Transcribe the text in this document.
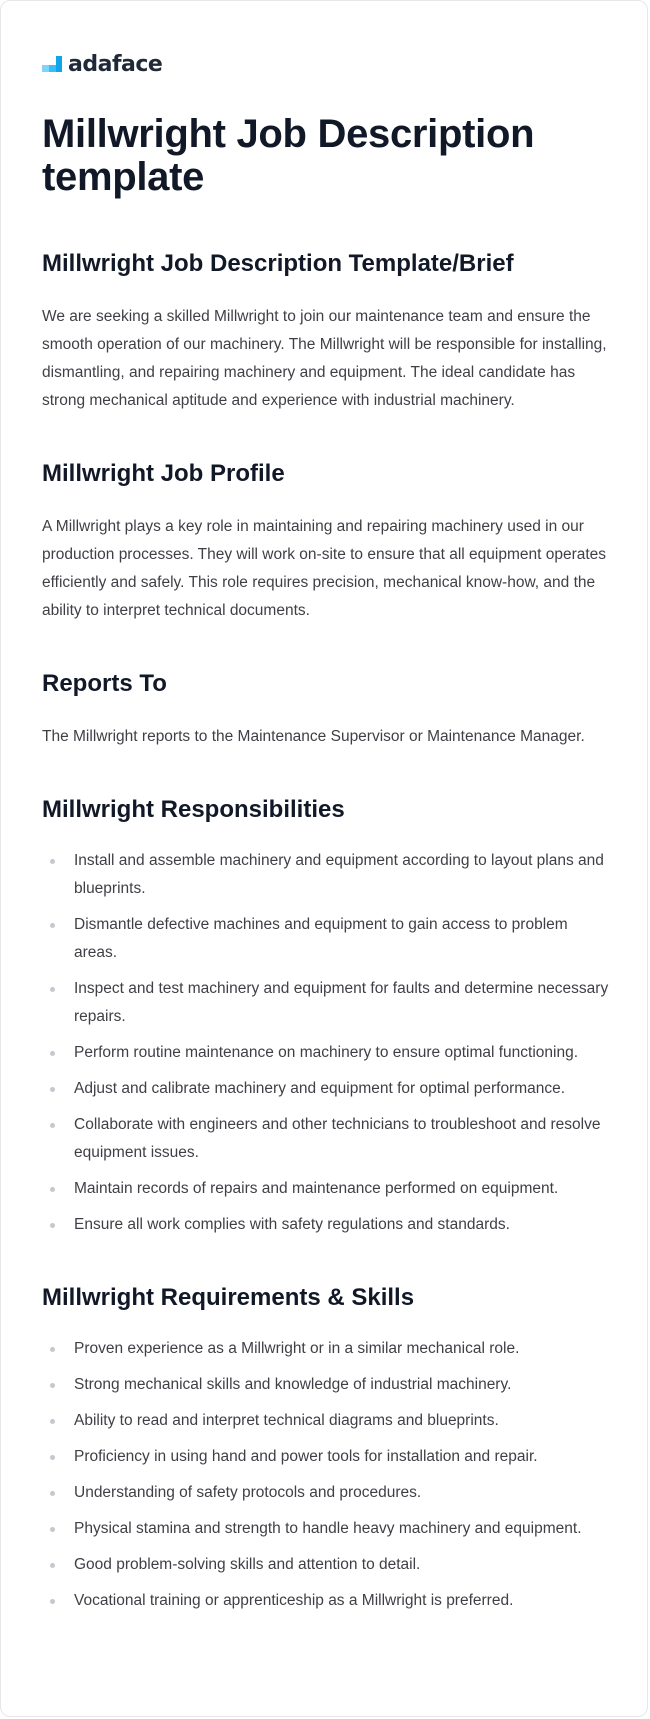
adaface
Millwright Job Description template
Millwright Job Description Template/Brief

We are seeking a skilled Millwright to join our maintenance team and ensure the smooth operation of our machinery. The Millwright will be responsible for installing, dismantling, and repairing machinery and equipment. The ideal candidate has strong mechanical aptitude and experience with industrial machinery.

Millwright Job Profile

A Millwright plays a key role in maintaining and repairing machinery used in our production processes. They will work on-site to ensure that all equipment operates efficiently and safely. This role requires precision, mechanical know-how, and the ability to interpret technical documents.

Reports To

The Millwright reports to the Maintenance Supervisor or Maintenance Manager.

Millwright Responsibilities
Install and assemble machinery and equipment according to layout plans and blueprints.
Dismantle defective machines and equipment to gain access to problem areas.
Inspect and test machinery and equipment for faults and determine necessary repairs.
Perform routine maintenance on machinery to ensure optimal functioning.
Adjust and calibrate machinery and equipment for optimal performance.
Collaborate with engineers and other technicians to troubleshoot and resolve equipment issues.
Maintain records of repairs and maintenance performed on equipment.
Ensure all work complies with safety regulations and standards.
Millwright Requirements & Skills
Proven experience as a Millwright or in a similar mechanical role.
Strong mechanical skills and knowledge of industrial machinery.
Ability to read and interpret technical diagrams and blueprints.
Proficiency in using hand and power tools for installation and repair.
Understanding of safety protocols and procedures.
Physical stamina and strength to handle heavy machinery and equipment.
Good problem-solving skills and attention to detail.
Vocational training or apprenticeship as a Millwright is preferred.
